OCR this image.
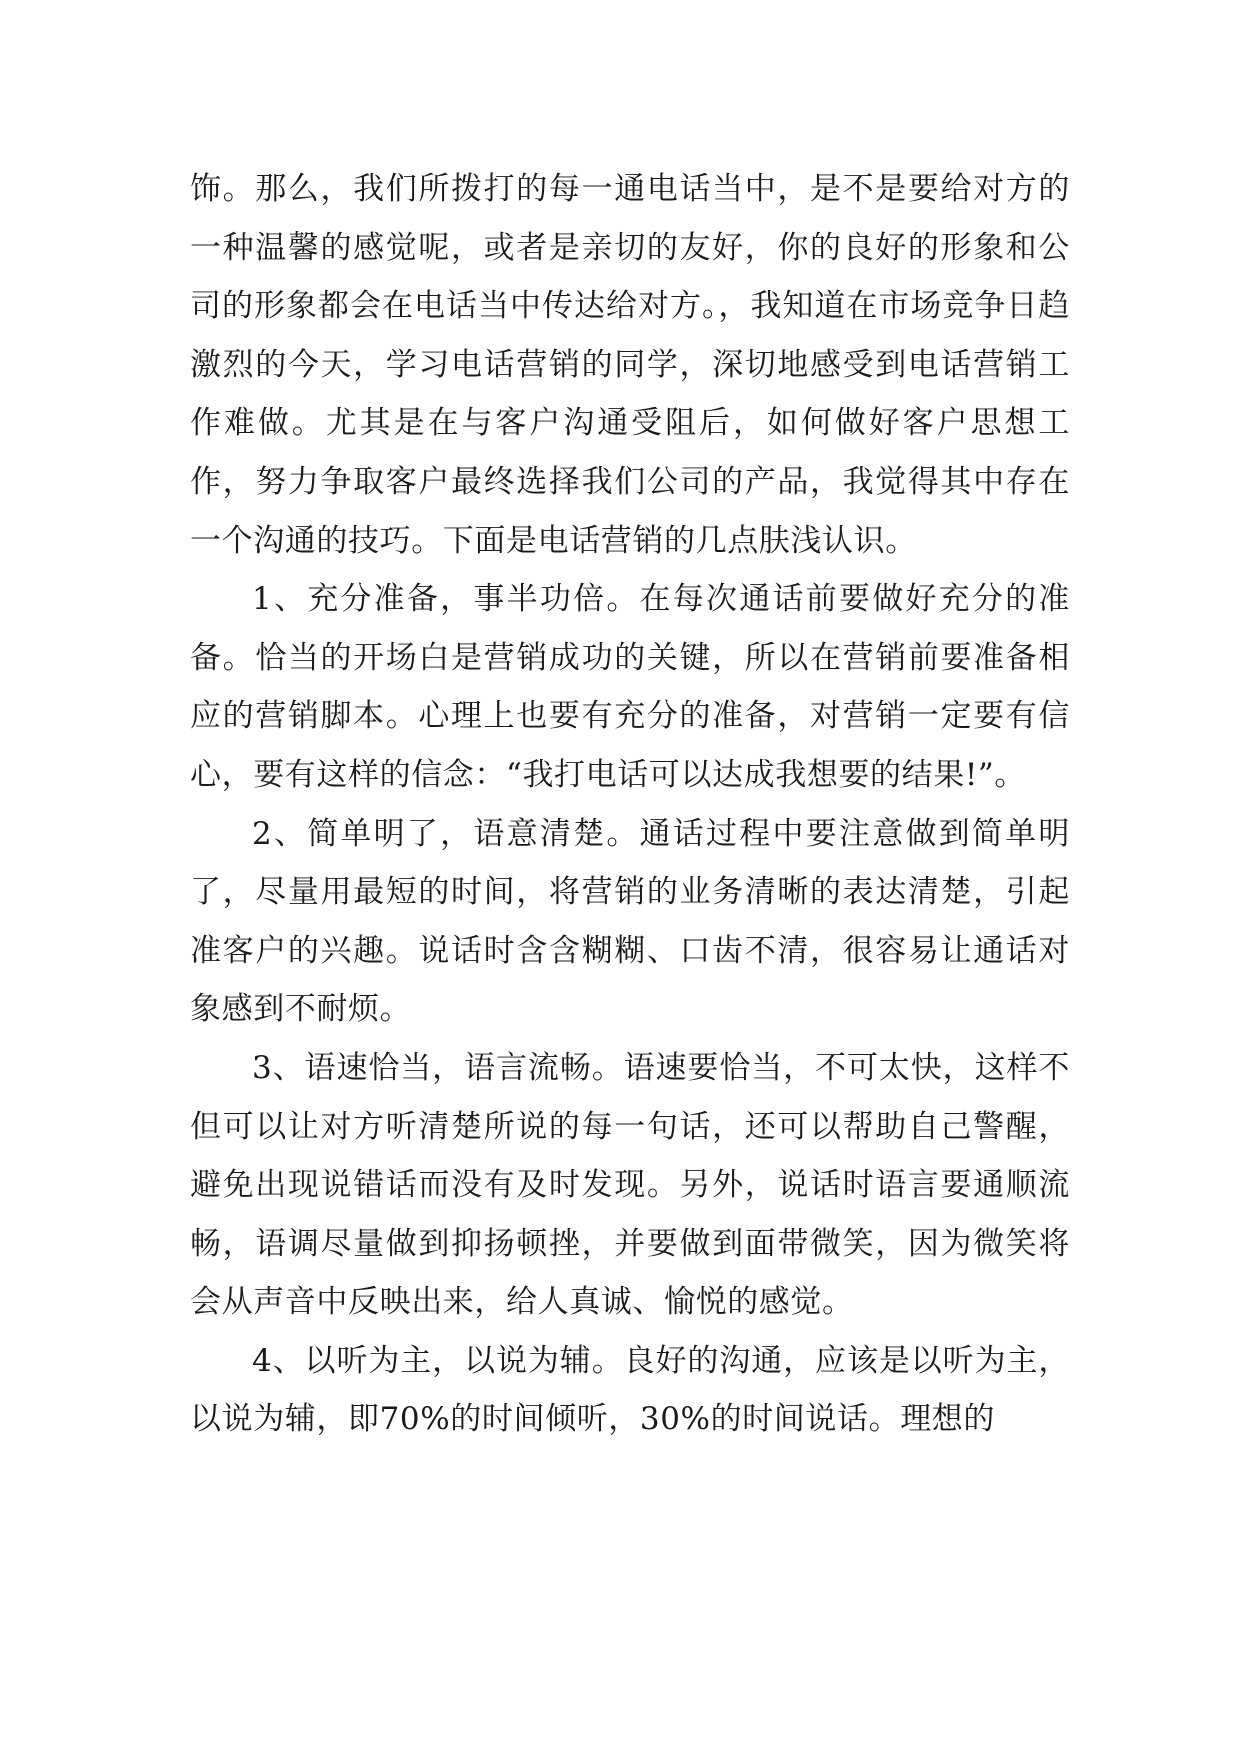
饰。那么，我们所拨打的每一通电话当中，是不是要给对方的一种温馨的感觉呢，或者是亲切的友好，你的良好的形象和公司的形象都会在电话当中传达给对方。，我知道在市场竞争日趋激烈的今天，学习电话营销的同学，深切地感受到电话营销工作难做。尤其是在与客户沟通受阻后，如何做好客户思想工作，努力争取客户最终选择我们公司的产品，我觉得其中存在一个沟通的技巧。下面是电话营销的几点肤浅认识。

1、充分准备，事半功倍。在每次通话前要做好充分的准备。恰当的开场白是营销成功的关键，所以在营销前要准备相应的营销脚本。心理上也要有充分的准备，对营销一定要有信心，要有这样的信念：“我打电话可以达成我想要的结果!”。

2、简单明了，语意清楚。通话过程中要注意做到简单明了，尽量用最短的时间，将营销的业务清晰的表达清楚，引起准客户的兴趣。说话时含含糊糊、口齿不清，很容易让通话对象感到不耐烦。

3、语速恰当，语言流畅。语速要恰当，不可太快，这样不但可以让对方听清楚所说的每一句话，还可以帮助自己警醒，避免出现说错话而没有及时发现。另外，说话时语言要通顺流畅，语调尽量做到抑扬顿挫，并要做到面带微笑，因为微笑将会从声音中反映出来，给人真诚、愉悦的感觉。

4、以听为主，以说为辅。良好的沟通，应该是以听为主，以说为辅，即70%的时间倾听，30%的时间说话。理想的
